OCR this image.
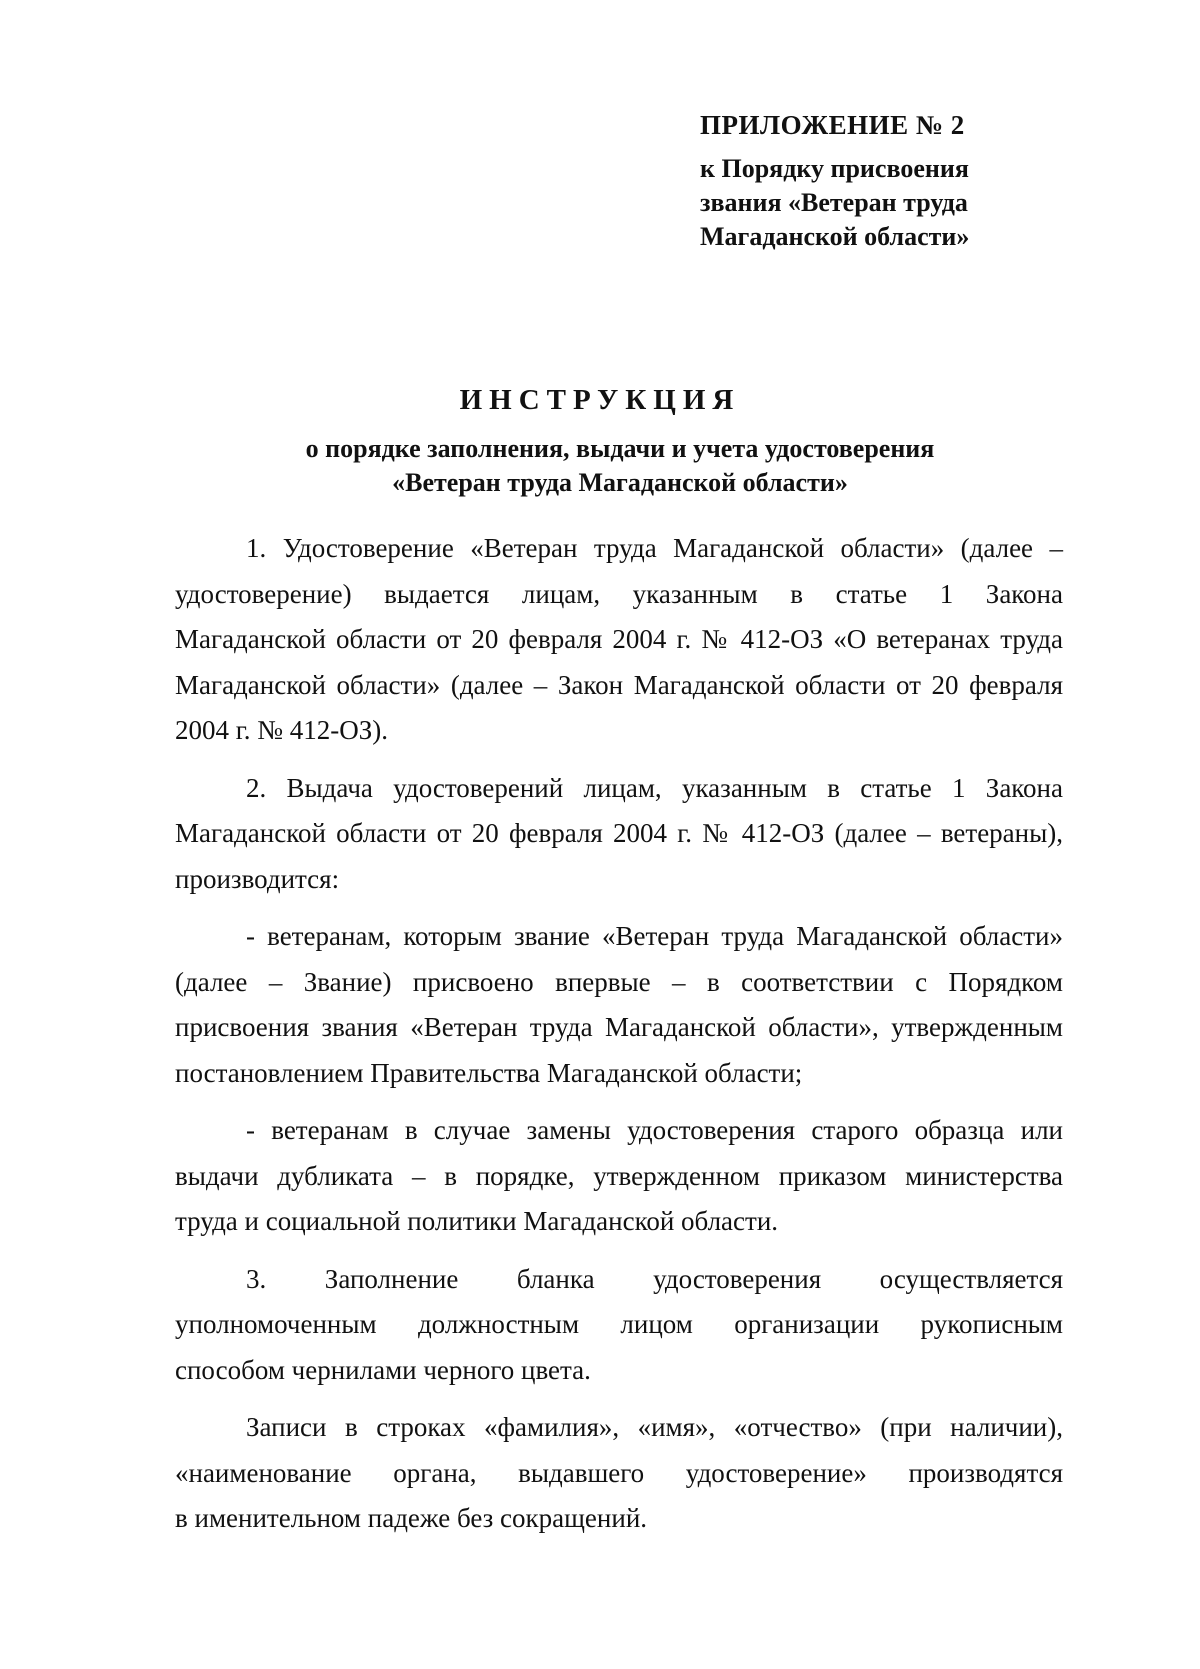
ПРИЛОЖЕНИЕ № 2
к Порядку присвоения
звания «Ветеран труда
Магаданской области»
ИНСТРУКЦИЯ
о порядке заполнения, выдачи и учета удостоверения
«Ветеран труда Магаданской области»

1. Удостоверение «Ветеран труда Магаданской области» (далее –
удостоверение) выдается лицам, указанным в статье 1 Закона
Магаданской области от 20 февраля 2004 г. № 412-ОЗ «О ветеранах труда
Магаданской области» (далее – Закон Магаданской области от 20 февраля
2004 г. № 412-ОЗ).

2. Выдача удостоверений лицам, указанным в статье 1 Закона
Магаданской области от 20 февраля 2004 г. № 412-ОЗ (далее – ветераны),
производится:

- ветеранам, которым звание «Ветеран труда Магаданской области»
(далее – Звание) присвоено впервые – в соответствии с Порядком
присвоения звания «Ветеран труда Магаданской области», утвержденным
постановлением Правительства Магаданской области;

- ветеранам в случае замены удостоверения старого образца или
выдачи дубликата – в порядке, утвержденном приказом министерства
труда и социальной политики Магаданской области.

3. Заполнение бланка удостоверения осуществляется
уполномоченным должностным лицом организации рукописным
способом чернилами черного цвета.

Записи в строках «фамилия», «имя», «отчество» (при наличии),
«наименование органа, выдавшего удостоверение» производятся
в именительном падеже без сокращений.
